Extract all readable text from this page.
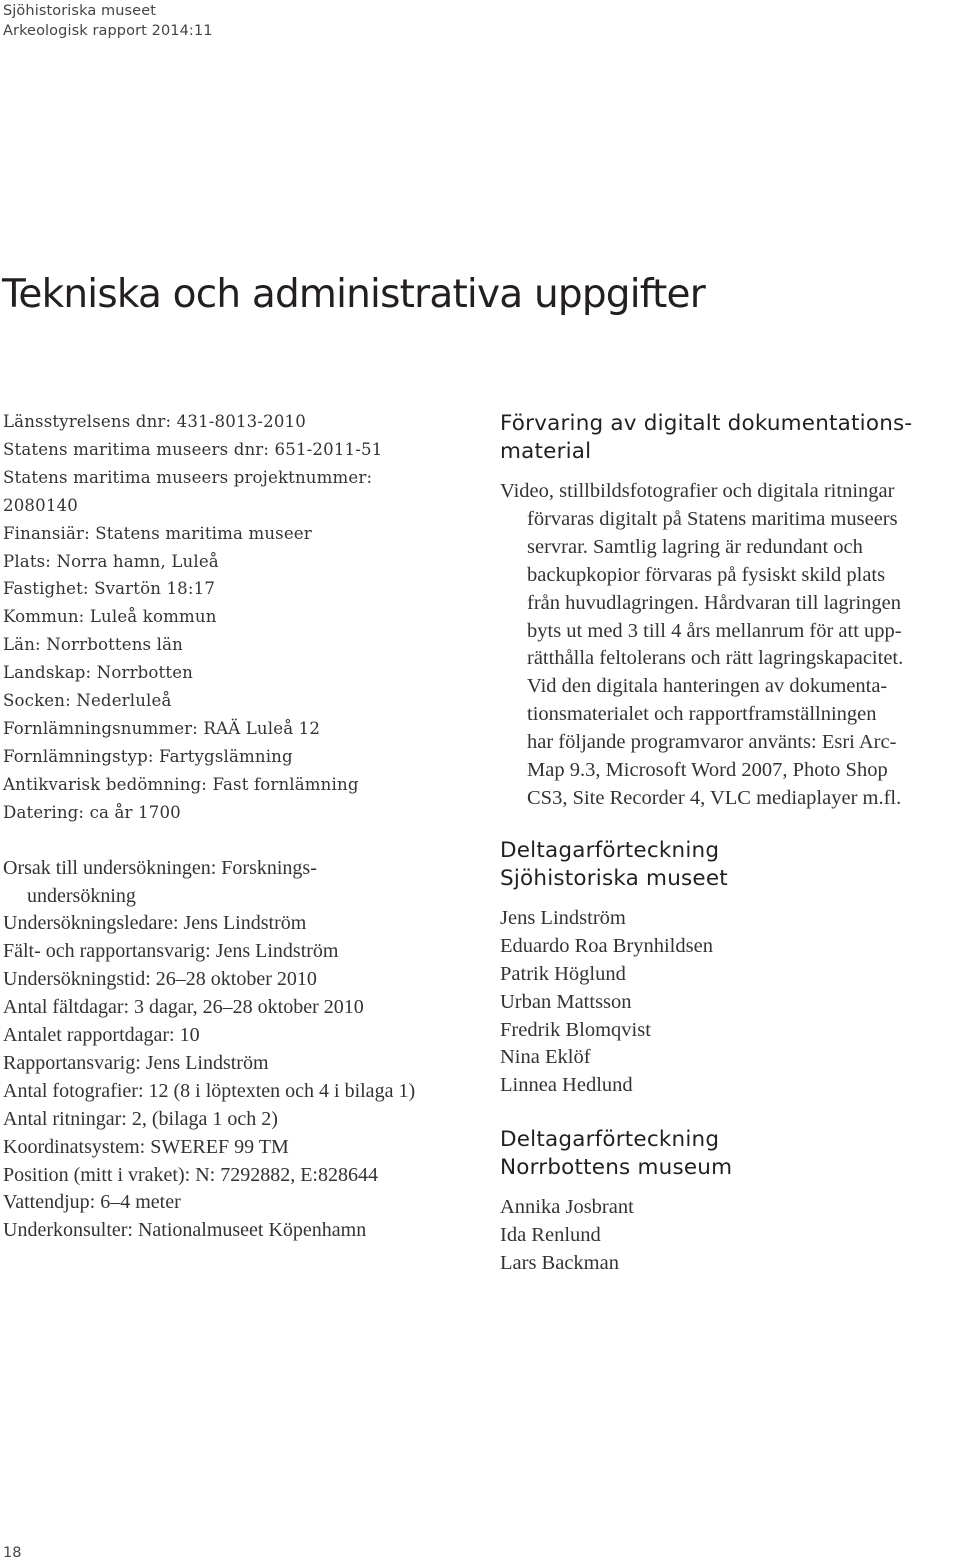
Sjöhistoriska museet
Arkeologisk rapport 2014:11
Tekniska och administrativa uppgifter
Länsstyrelsens dnr: 431-8013-2010
Statens maritima museers dnr: 651-2011-51
Statens maritima museers projektnummer:
2080140
Finansiär: Statens maritima museer
Plats: Norra hamn, Luleå
Fastighet: Svartön 18:17
Kommun: Luleå kommun
Län: Norrbottens län
Landskap: Norrbotten
Socken: Nederluleå
Fornlämningsnummer: RAÄ Luleå 12
Fornlämningstyp: Fartygslämning
Antikvarisk bedömning: Fast fornlämning
Datering: ca år 1700
Orsak till undersökningen: Forsknings-
undersökning
Undersökningsledare: Jens Lindström
Fält- och rapportansvarig: Jens Lindström
Undersökningstid: 26–28 oktober 2010
Antal fältdagar: 3 dagar, 26–28 oktober 2010
Antalet rapportdagar: 10
Rapportansvarig: Jens Lindström
Antal fotografier: 12 (8 i löptexten och 4 i bilaga 1)
Antal ritningar: 2, (bilaga 1 och 2)
Koordinatsystem: SWEREF 99 TM
Position (mitt i vraket): N: 7292882, E:828644
Vattendjup: 6–4 meter
Underkonsulter: Nationalmuseet Köpenhamn
Förvaring av digitalt dokumentations-
material
Video, stillbildsfotografier och digitala ritningar
förvaras digitalt på Statens maritima museers
servrar. Samtlig lagring är redundant och
backupkopior förvaras på fysiskt skild plats
från huvudlagringen. Hårdvaran till lagringen
byts ut med 3 till 4 års mellanrum för att upp-
rätthålla feltolerans och rätt lagringskapacitet.
Vid den digitala hanteringen av dokumenta-
tionsmaterialet och rapportframställningen
har följande programvaror använts: Esri Arc-
Map 9.3, Microsoft Word 2007, Photo Shop
CS3, Site Recorder 4, VLC mediaplayer m.fl.
Deltagarförteckning
Sjöhistoriska museet
Jens Lindström
Eduardo Roa Brynhildsen
Patrik Höglund
Urban Mattsson
Fredrik Blomqvist
Nina Eklöf
Linnea Hedlund
Deltagarförteckning
Norrbottens museum
Annika Josbrant
Ida Renlund
Lars Backman
18
